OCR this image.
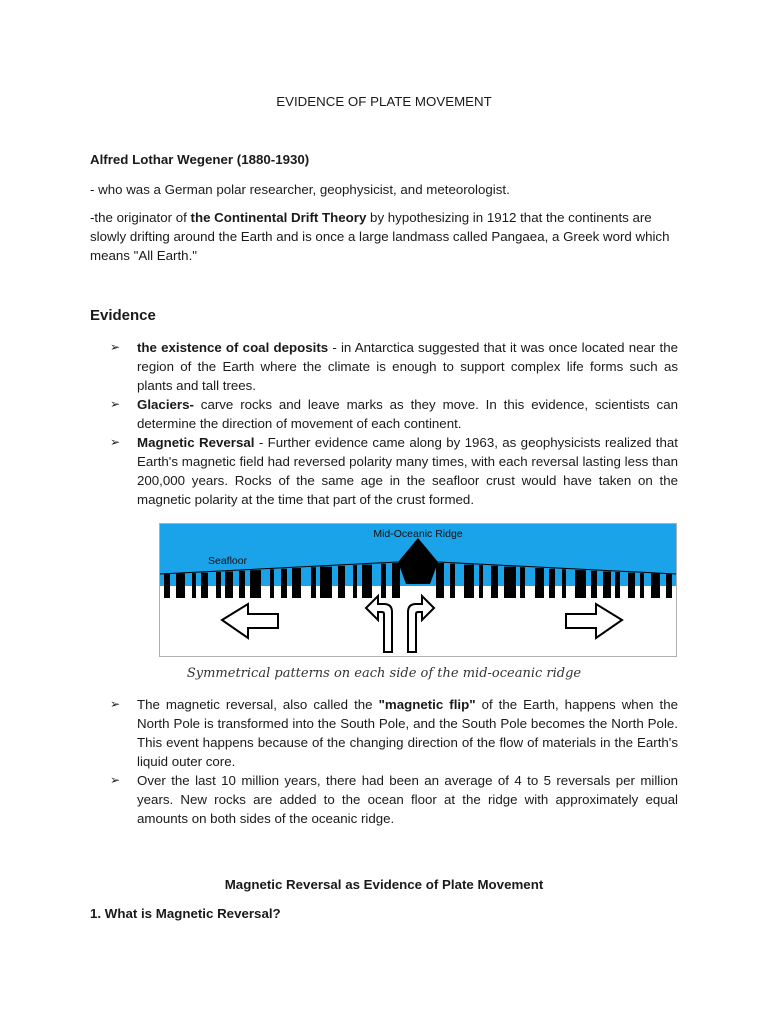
EVIDENCE OF PLATE MOVEMENT

Alfred Lothar Wegener (1880-1930)

- who was a German polar researcher, geophysicist, and meteorologist.

-the originator of the Continental Drift Theory by hypothesizing in 1912 that the continents are slowly drifting around the Earth and is once a large landmass called Pangaea, a Greek word which means "All Earth."

Evidence

➢ the existence of coal deposits - in Antarctica suggested that it was once located near the region of the Earth where the climate is enough to support complex life forms such as plants and tall trees.
➢ Glaciers- carve rocks and leave marks as they move. In this evidence, scientists can determine the direction of movement of each continent.
➢ Magnetic Reversal - Further evidence came along by 1963, as geophysicists realized that Earth's magnetic field had reversed polarity many times, with each reversal lasting less than 200,000 years. Rocks of the same age in the seafloor crust would have taken on the magnetic polarity at the time that part of the crust formed.
Mid-Oceanic Ridge
Seafloor

Symmetrical patterns on each side of the mid-oceanic ridge

➢ The magnetic reversal, also called the "magnetic flip" of the Earth, happens when the North Pole is transformed into the South Pole, and the South Pole becomes the North Pole. This event happens because of the changing direction of the flow of materials in the Earth's liquid outer core.
➢ Over the last 10 million years, there had been an average of 4 to 5 reversals per million years. New rocks are added to the ocean floor at the ridge with approximately equal amounts on both sides of the oceanic ridge.

Magnetic Reversal as Evidence of Plate Movement

1. What is Magnetic Reversal?
